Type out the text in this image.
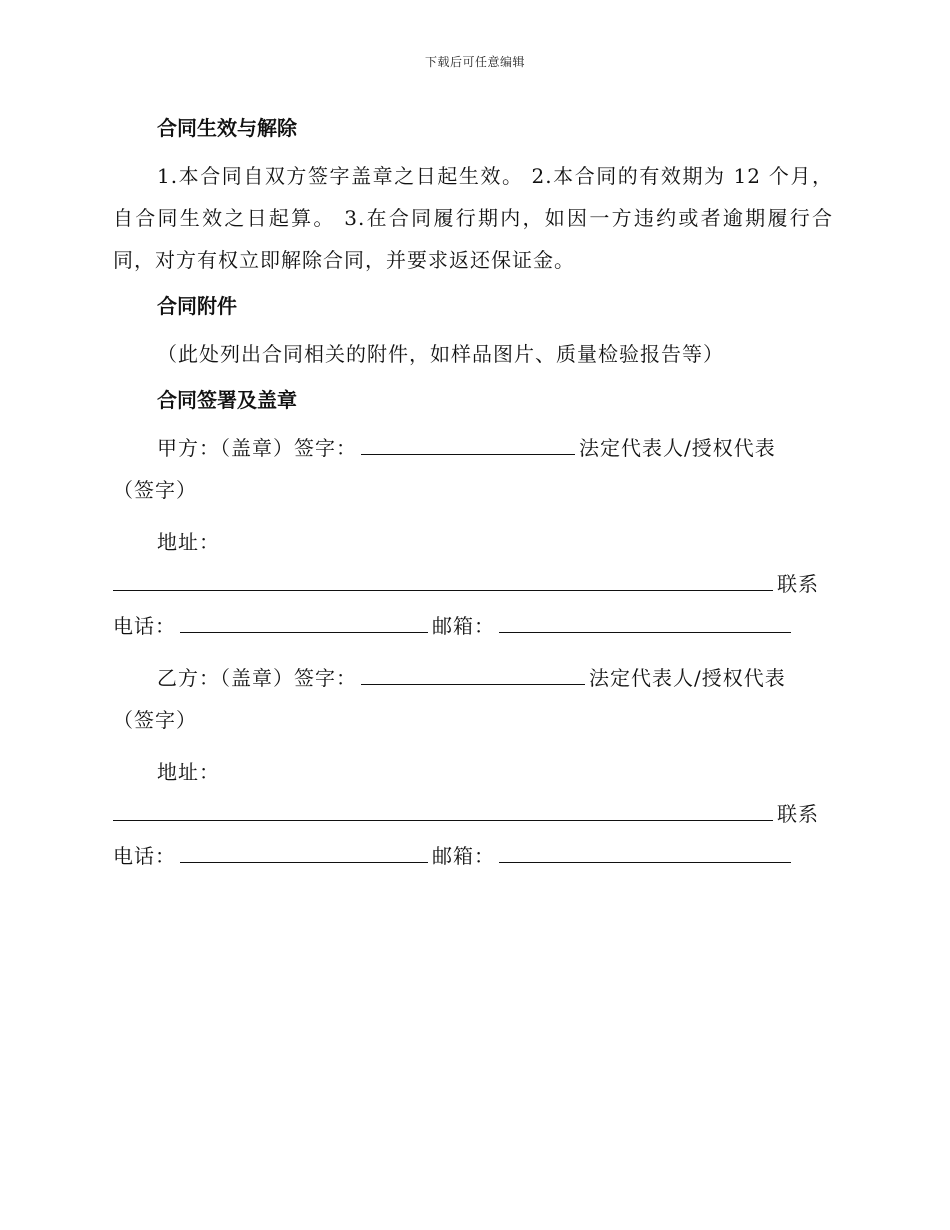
下载后可任意编辑

合同生效与解除

1.本合同自双方签字盖章之日起生效。 2.本合同的有效期为 12 个月，自合同生效之日起算。 3.在合同履行期内，如因一方违约或者逾期履行合同，对方有权立即解除合同，并要求返还保证金。

合同附件

（此处列出合同相关的附件，如样品图片、质量检验报告等）

合同签署及盖章

甲方：（盖章）签字：	法定代表人/授权代表

（签字）

地址：

联系

电话：	邮箱：

乙方：（盖章）签字：	法定代表人/授权代表

（签字）

地址：

联系

电话：	邮箱：
